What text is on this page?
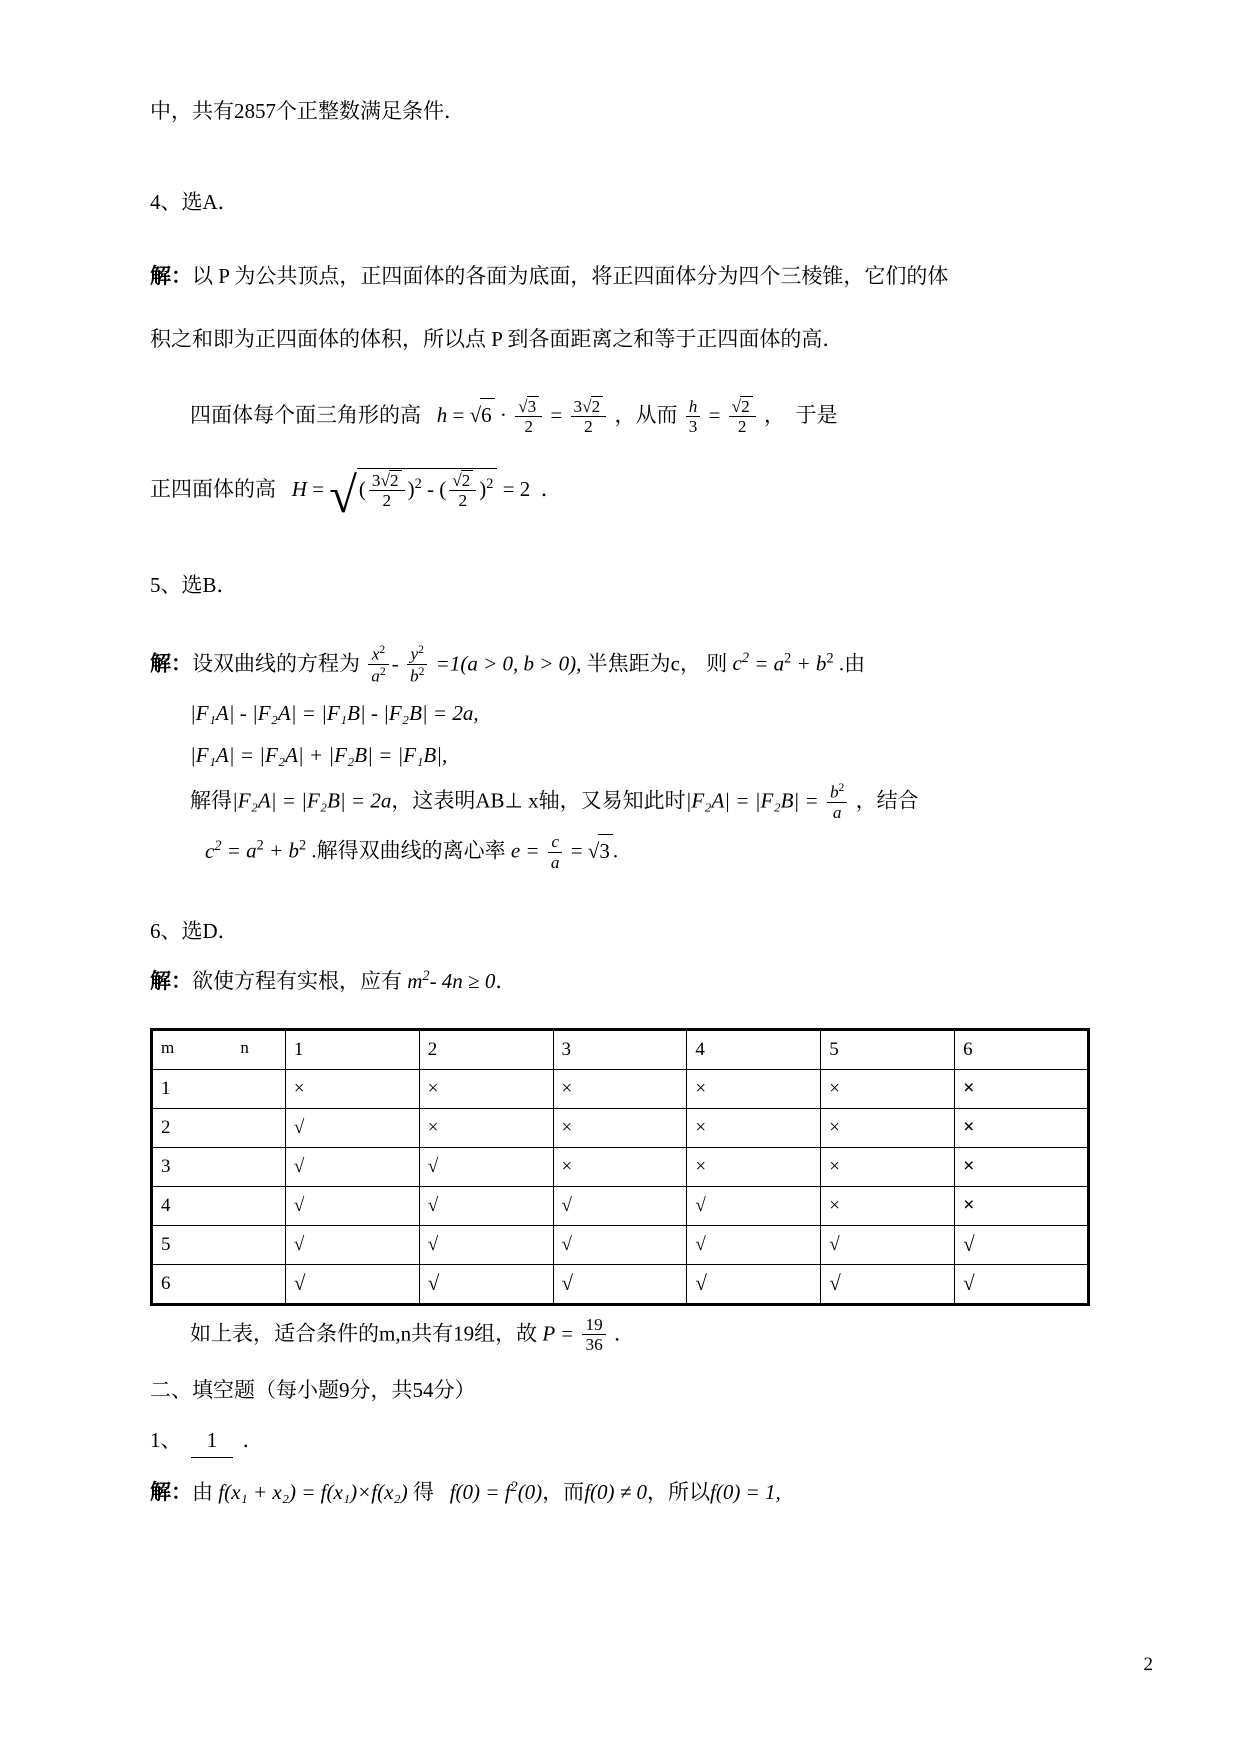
中，共有2857个正整数满足条件．

4、选A．

解：以 P 为公共顶点，正四面体的各面为底面，将正四面体分为四个三棱锥，它们的体

积之和即为正四面体的体积，所以点 P 到各面距离之和等于正四面体的高．

四面体每个面三角形的高 $h = √6 \cdot \frac{√3}{2} = \frac{3√2}{2}$ ，从而 $\frac{h}{3} = \frac{√2}{2}$ ，　于是

正四面体的高 H = √( $\frac{3√2}{2} )^2$ - ( $\frac{√2}{2} )^2 = 2$ ．

5、选B．

解：设双曲线的方程为 $\frac{x^2}{a^2} - \frac{y^2}{b^2} =1(a > 0$, b > 0), 半焦距为c， 则 $c^2 = a^2 + b^2$ .由

|F₁A| - |F₂A| = |F₁B| - |F₂B| = 2a,

|F₁A| = |F₂A| + |F₂B| = |F₁B|,

解得|F₂A| = |F₂B| = 2a，这表明AB⊥ x轴，又易知此时$|F_2A| = |F_2B| = \frac{b^2}{a}$ ，结合

$c^2 = a^2 + b^2$ .解得双曲线的离心率 $e = \frac{c}{a} = √3$ .

6、选D．

解：欲使方程有实根，应有 $m^2-$ 4n ≥ 0．

m n	1	2	3	4	5	6
1	×	×	×	×	×	×
2	√	×	×	×	×	×
3	√	√	×	×	×	×
4	√	√	√	√	×	×
5	√	√	√	√	√	√
6	√	√	√	√	√	√

如上表，适合条件的m,n共有19组，故 $P = \frac{19}{36}$ ．

二、填空题（每小题9分，共54分）

1、 1 ．

解：由 f(x₁ + x₂) = f(x₁)×f(x₂) 得 $f(0) = f^2(0)$，而f(0) ≠ 0，所以f(0) = 1,

2
